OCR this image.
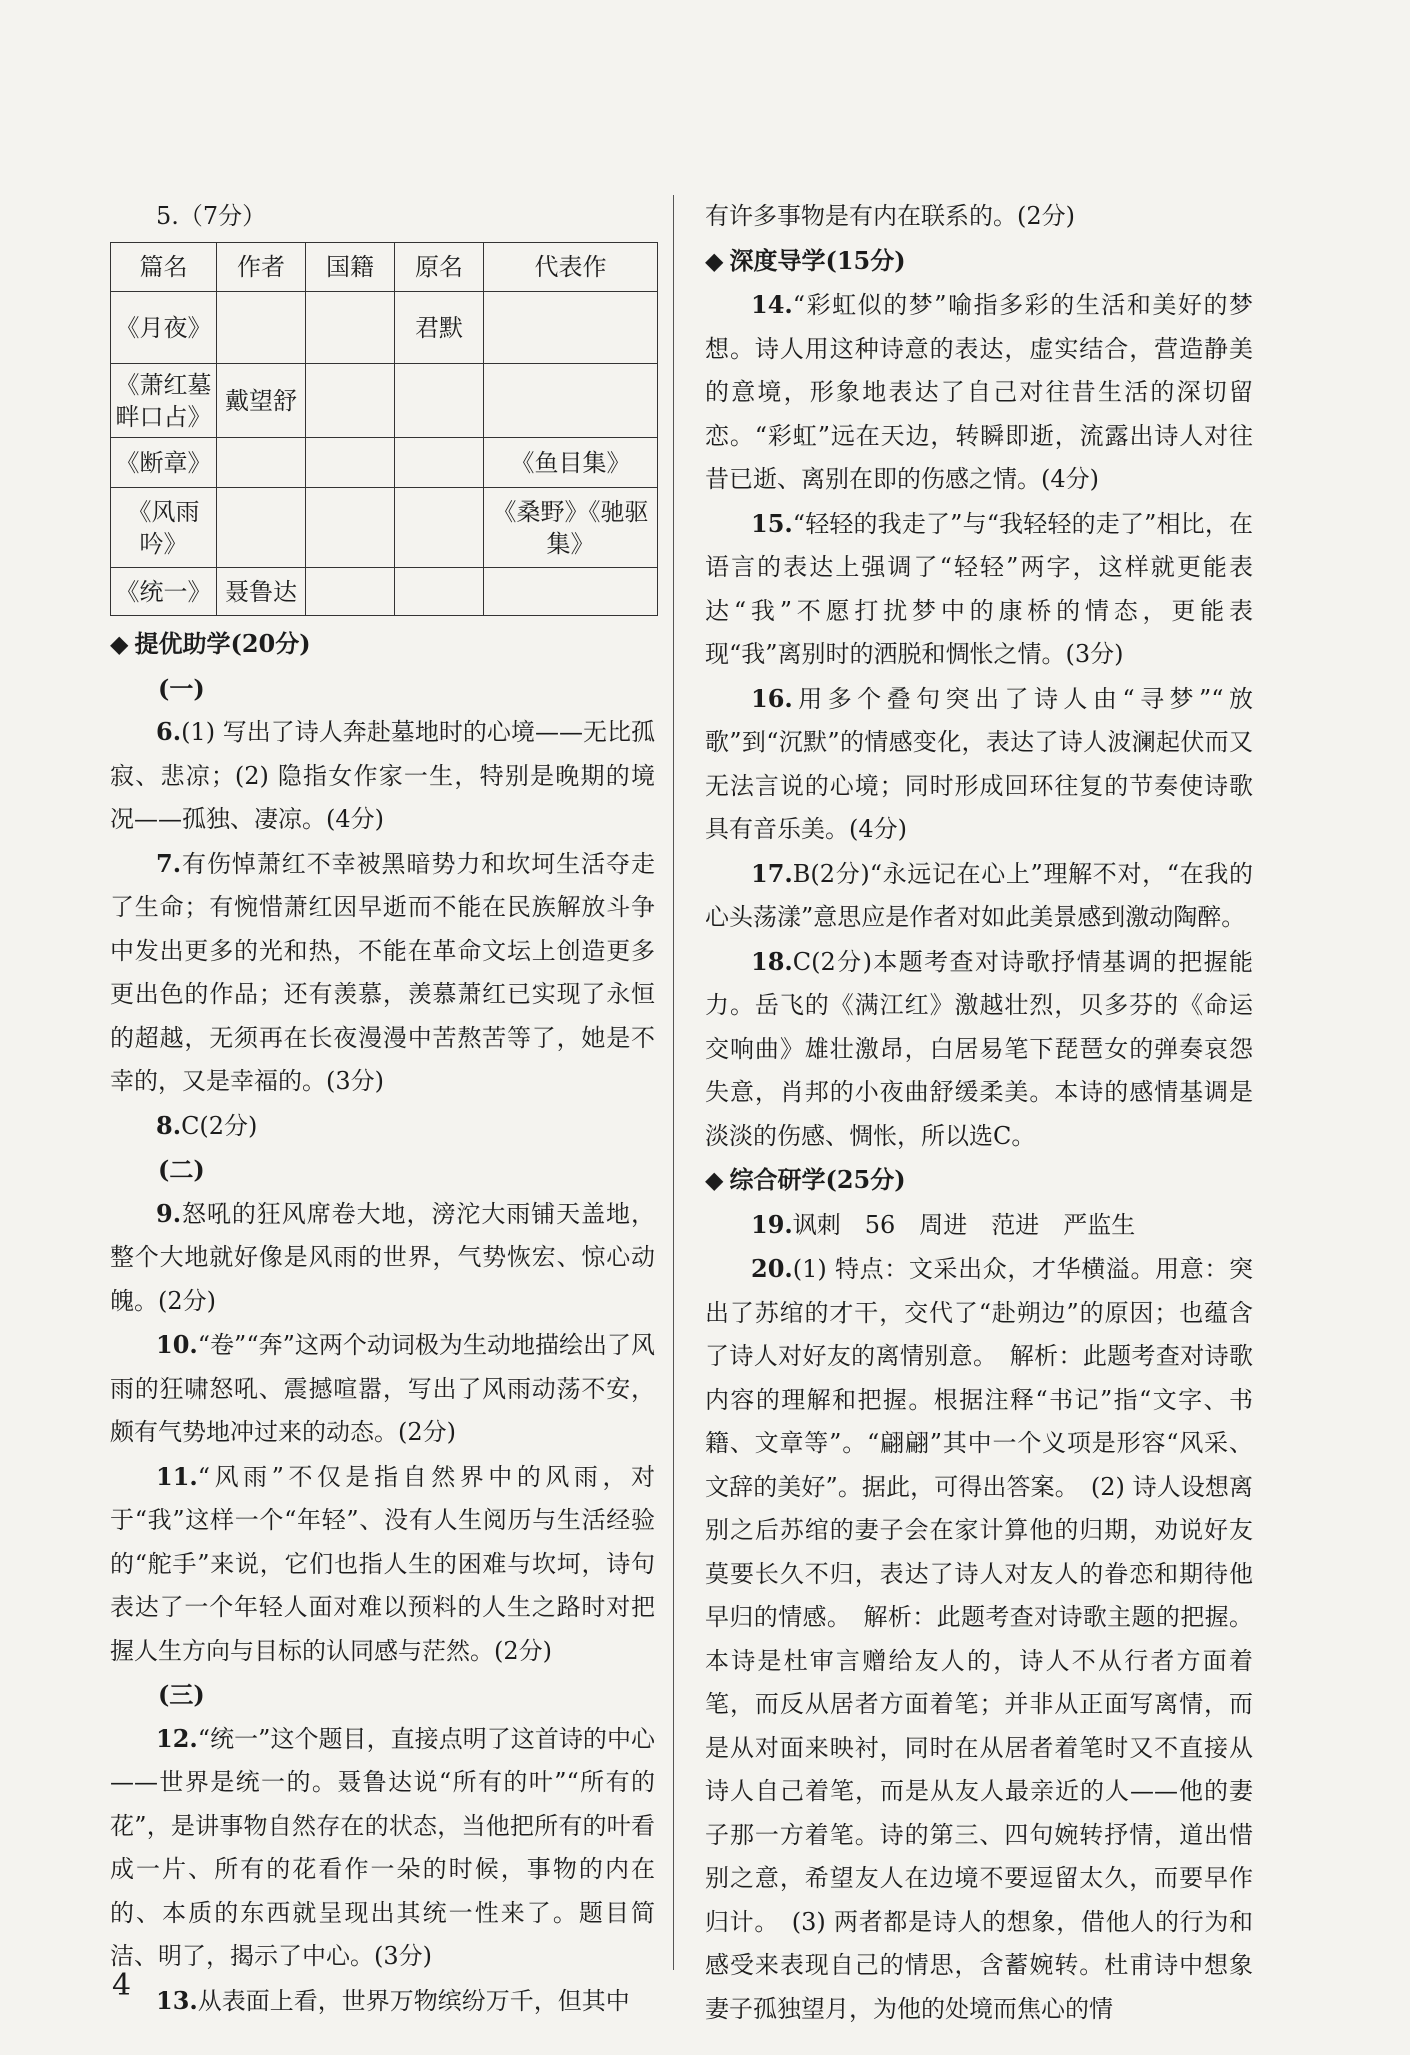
5.（7分）
篇名	作者	国籍	原名	代表作
《月夜》			君默	
《萧红墓畔口占》	戴望舒			
《断章》				《鱼目集》
《风雨吟》				《桑野》《驰驱集》
《统一》	聂鲁达			
◆ 提优助学(20分)
(一)

6.(1) 写出了诗人奔赴墓地时的心境——无比孤寂、悲凉；(2) 隐指女作家一生，特别是晚期的境况——孤独、凄凉。(4分)

7.有伤悼萧红不幸被黑暗势力和坎坷生活夺走了生命；有惋惜萧红因早逝而不能在民族解放斗争中发出更多的光和热，不能在革命文坛上创造更多更出色的作品；还有羡慕，羡慕萧红已实现了永恒的超越，无须再在长夜漫漫中苦熬苦等了，她是不幸的，又是幸福的。(3分)

8.C(2分)

(二)

9.怒吼的狂风席卷大地，滂沱大雨铺天盖地，整个大地就好像是风雨的世界，气势恢宏、惊心动魄。(2分)

10.“卷”“奔”这两个动词极为生动地描绘出了风雨的狂啸怒吼、震撼喧嚣，写出了风雨动荡不安，颇有气势地冲过来的动态。(2分)

11.“风雨”不仅是指自然界中的风雨，对于“我”这样一个“年轻”、没有人生阅历与生活经验的“舵手”来说，它们也指人生的困难与坎坷，诗句表达了一个年轻人面对难以预料的人生之路时对把握人生方向与目标的认同感与茫然。(2分)

(三)

12.“统一”这个题目，直接点明了这首诗的中心——世界是统一的。聂鲁达说“所有的叶”“所有的花”，是讲事物自然存在的状态，当他把所有的叶看成一片、所有的花看作一朵的时候，事物的内在的、本质的东西就呈现出其统一性来了。题目简洁、明了，揭示了中心。(3分)

13.从表面上看，世界万物缤纷万千，但其中

有许多事物是有内在联系的。(2分)

◆ 深度导学(15分)

14.“彩虹似的梦”喻指多彩的生活和美好的梦想。诗人用这种诗意的表达，虚实结合，营造静美的意境，形象地表达了自己对往昔生活的深切留恋。“彩虹”远在天边，转瞬即逝，流露出诗人对往昔已逝、离别在即的伤感之情。(4分)

15.“轻轻的我走了”与“我轻轻的走了”相比，在语言的表达上强调了“轻轻”两字，这样就更能表达“我”不愿打扰梦中的康桥的情态，更能表现“我”离别时的洒脱和惆怅之情。(3分)

16.用多个叠句突出了诗人由“寻梦”“放歌”到“沉默”的情感变化，表达了诗人波澜起伏而又无法言说的心境；同时形成回环往复的节奏使诗歌具有音乐美。(4分)

17.B(2分)“永远记在心上”理解不对，“在我的心头荡漾”意思应是作者对如此美景感到激动陶醉。

18.C(2分)本题考查对诗歌抒情基调的把握能力。岳飞的《满江红》激越壮烈，贝多芬的《命运交响曲》雄壮激昂，白居易笔下琵琶女的弹奏哀怨失意，肖邦的小夜曲舒缓柔美。本诗的感情基调是淡淡的伤感、惆怅，所以选C。

◆ 综合研学(25分)

19.讽刺　56　周进　范进　严监生

20.(1) 特点：文采出众，才华横溢。用意：突出了苏绾的才干，交代了“赴朔边”的原因；也蕴含了诗人对好友的离情别意。　解析：此题考查对诗歌内容的理解和把握。根据注释“书记”指“文字、书籍、文章等”。“翩翩”其中一个义项是形容“风采、文辞的美好”。据此，可得出答案。　(2) 诗人设想离别之后苏绾的妻子会在家计算他的归期，劝说好友莫要长久不归，表达了诗人对友人的眷恋和期待他早归的情感。　解析：此题考查对诗歌主题的把握。本诗是杜审言赠给友人的，诗人不从行者方面着笔，而反从居者方面着笔；并非从正面写离情，而是从对面来映衬，同时在从居者着笔时又不直接从诗人自己着笔，而是从友人最亲近的人——他的妻子那一方着笔。诗的第三、四句婉转抒情，道出惜别之意，希望友人在边境不要逗留太久，而要早作归计。　(3) 两者都是诗人的想象，借他人的行为和感受来表现自己的情思，含蓄婉转。杜甫诗中想象妻子孤独望月，为他的处境而焦心的情

4
